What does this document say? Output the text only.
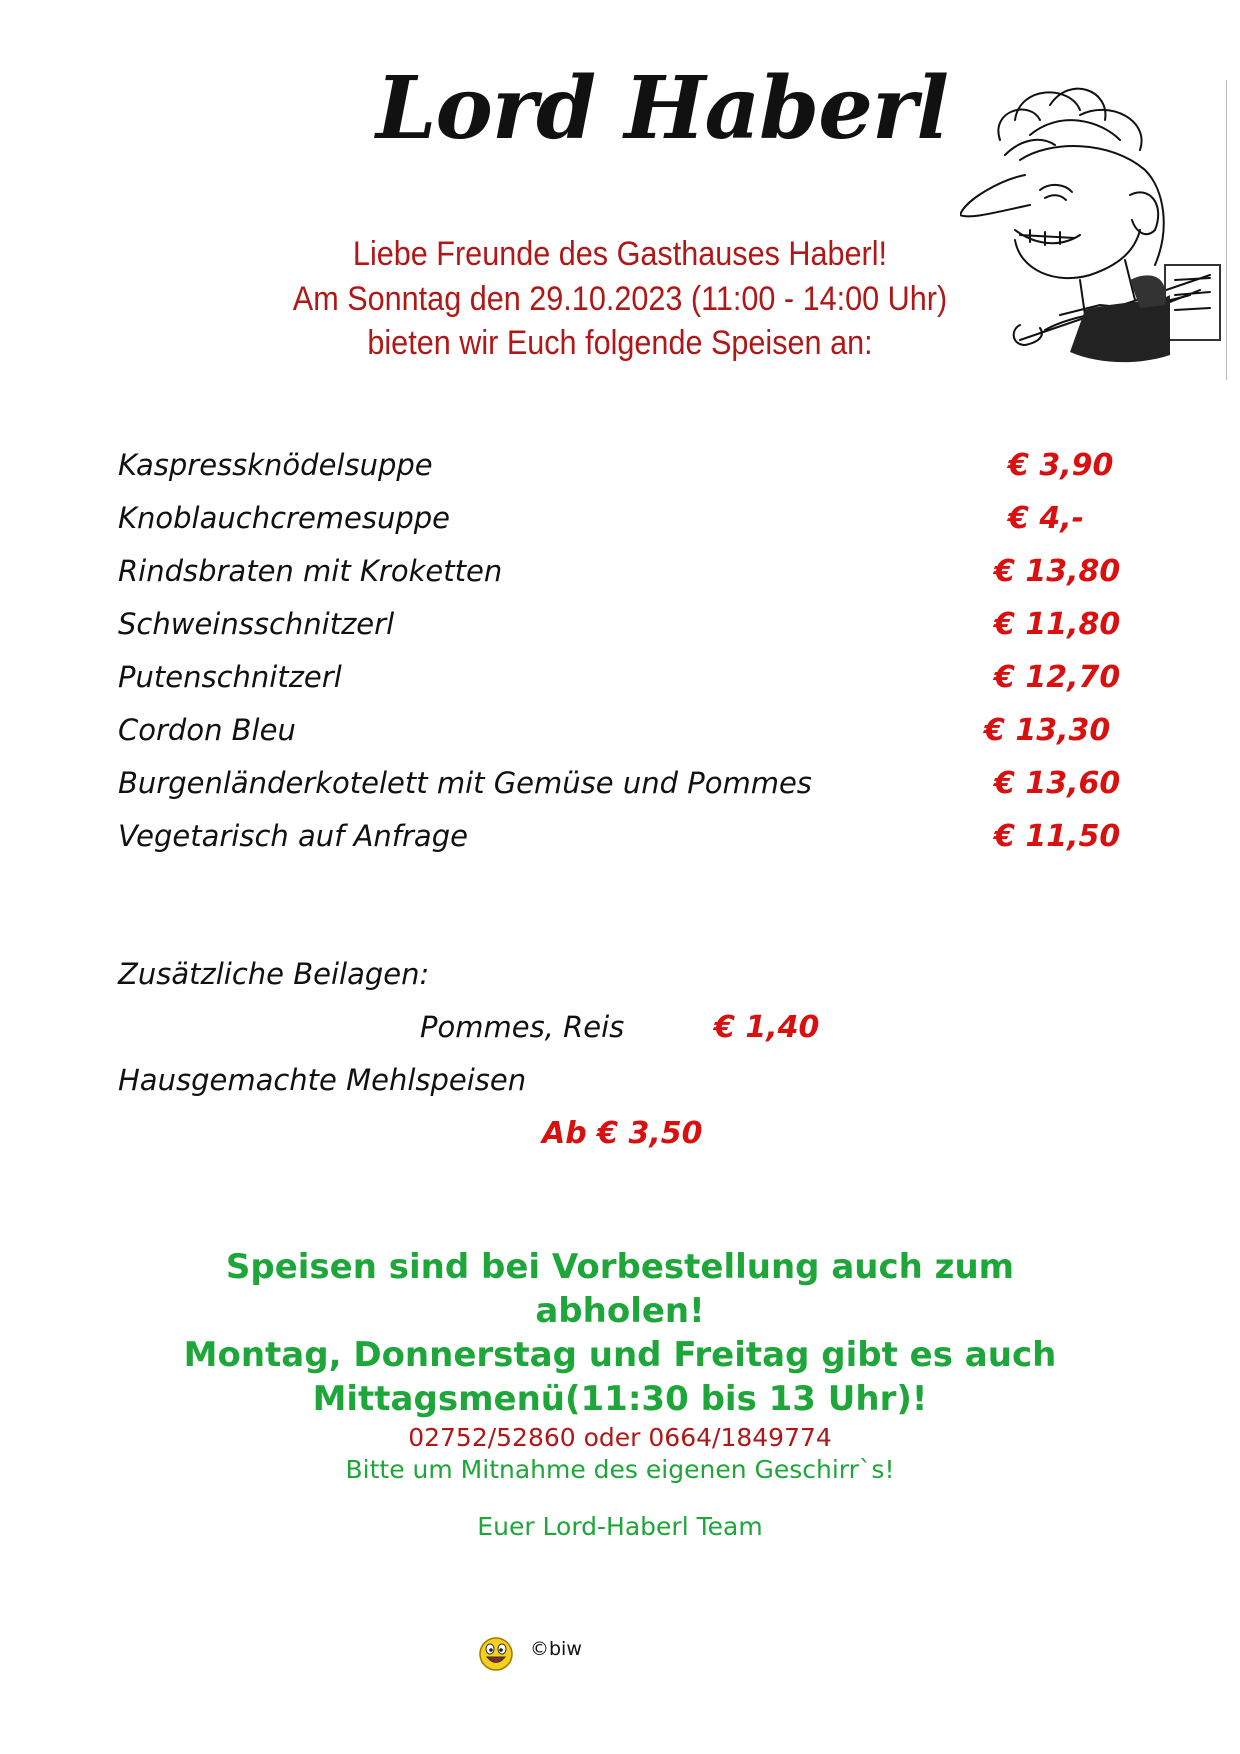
Lord Haberl
Liebe Freunde des Gasthauses Haberl!
Am Sonntag den 29.10.2023 (11:00 - 14:00 Uhr)
bieten wir Euch folgende Speisen an:
Kaspressknödelsuppe	€ 3,90
Knoblauchcremesuppe	€ 4,-
Rindsbraten mit Kroketten	€ 13,80
Schweinsschnitzerl	€ 11,80
Putenschnitzerl	€ 12,70
Cordon Bleu	€ 13,30
Burgenländerkotelett mit Gemüse und Pommes	€ 13,60
Vegetarisch auf Anfrage	€ 11,50
Zusätzliche Beilagen:
Pommes, Reis	€ 1,40
Hausgemachte Mehlspeisen
Ab € 3,50
Speisen sind bei Vorbestellung auch zum
abholen!
Montag, Donnerstag und Freitag gibt es auch
Mittagsmenü(11:30 bis 13 Uhr)!
02752/52860 oder 0664/1849774
Bitte um Mitnahme des eigenen Geschirr`s!
Euer Lord-Haberl Team
©biw
